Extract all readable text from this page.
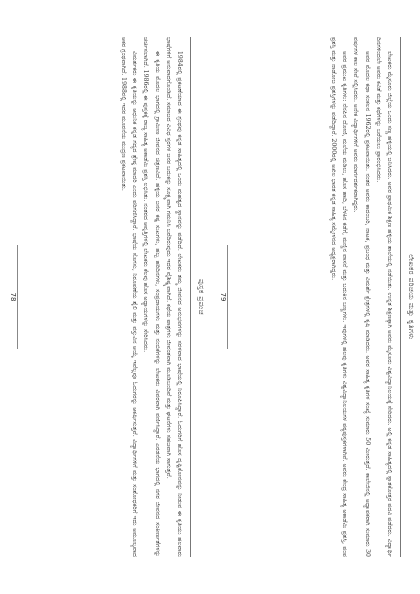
ಪುಸ್ತಕ ಪ್ರಪಂಚ

1984ರಲ್ಲಿ ಪ್ರಕಟಣೆಯಾದ ಈ ಗ್ರಂಥವು ಕನ್ನಡ ಸಾಹಿತ್ಯದಲ್ಲಿ ಒಂದು ಮಹತ್ವದ ಸ್ಥಾನವನ್ನು ಪಡೆದಿದೆ. ಲೇಖಕರು ತಮ್ಮ ಜೀವನದ ಅನುಭವಗಳನ್ನು ಸರಳವಾದ ಭಾಷೆಯಲ್ಲಿ ನಿರೂಪಿಸಿದ್ದಾರೆ. ಓದುಗರಿಗೆ ಹೊಸ ದೃಷ್ಟಿಕೋನವನ್ನು ನೀಡುವ ಈ ಕೃತಿಯು ಹಲವಾರು ಭಾಷೆಗಳಿಗೆ ಅನುವಾದಗೊಂಡಿದೆ. ಸಮಾಜದ ವಿವಿಧ ಸ್ತರಗಳ ಜನರ ಬದುಕನ್ನು ಸೂಕ್ಷ್ಮವಾಗಿ ಗಮನಿಸಿ ಬರೆದಿರುವುದು ಇದರ ವೈಶಿಷ್ಟ್ಯವಾಗಿದೆ. ಕಥೆಯ ಪಾತ್ರಗಳು ಜೀವಂತವಾಗಿ ಮೂಡಿಬಂದಿವೆ ಮತ್ತು ಘಟನೆಗಳು ಸಹಜವಾಗಿ ಸಾಗುತ್ತವೆ.

ಈ ಕೃತಿಯ ಮೊದಲ ಭಾಗದಲ್ಲಿ ಗ್ರಾಮೀಣ ಜೀವನದ ಚಿತ್ರಣವಿದೆ. ಹಳ್ಳಿಯ ಜನರ ಕಷ್ಟ ಸುಖಗಳು, ಹಬ್ಬ ಹರಿದಿನಗಳು, ಸಂಪ್ರದಾಯಗಳು ಮತ್ತು ನಂಬಿಕೆಗಳನ್ನು ಲೇಖಕರು ವಿವರವಾಗಿ ವರ್ಣಿಸಿದ್ದಾರೆ. ಎರಡನೆಯ ಭಾಗದಲ್ಲಿ ನಗರ ಜೀವನದ ಸಂಕೀರ್ಣತೆಗಳನ್ನು ಚರ್ಚಿಸಲಾಗಿದೆ. 1986ರಲ್ಲಿ ಈ ಪುಸ್ತಕಕ್ಕೆ ರಾಜ್ಯ ಸಾಹಿತ್ಯ ಅಕಾಡೆಮಿ ಪ್ರಶಸ್ತಿ ಲಭಿಸಿತು. ನಂತರದ ಆವೃತ್ತಿಗಳಲ್ಲಿ ಲೇಖಕರು ಕೆಲವು ಹೊಸ ಅಧ್ಯಾಯಗಳನ್ನು ಸೇರಿಸಿದರು.

ವಿಮರ್ಶಕರು ಈ ಕೃತಿಯನ್ನು ಆಧುನಿಕ ಕನ್ನಡ ಗದ್ಯದ ಶ್ರೇಷ್ಠ ಮಾದರಿ ಎಂದು ಪರಿಗಣಿಸಿದ್ದಾರೆ. ಭಾಷೆಯ ಸೊಗಸು, ನಿರೂಪಣೆಯ ಶೈಲಿ ಮತ್ತು ವಸ್ತುವಿನ ಆಯ್ಕೆ ಇವೆಲ್ಲವೂ ಓದುಗರನ್ನು ಆಕರ್ಷಿಸುತ್ತವೆ. ವಿದ್ಯಾರ್ಥಿಗಳಿಗೆ ಮತ್ತು ಸಂಶೋಧಕರಿಗೆ ಇದು ಅಮೂಲ್ಯವಾದ ಆಕರ ಗ್ರಂಥವಾಗಿದೆ. 1988ರಲ್ಲಿ ಇದರ ಮೂರನೆಯ ಮುದ್ರಣ ಪ್ರಕಟವಾಯಿತು.

78	ಲೇಖಕರ ಪರಿಚಯ ಮತ್ತು ಕೃತಿಗಳು

ಲೇಖಕರು ಮೈಸೂರು ಜಿಲ್ಲೆಯ ಒಂದು ಸಣ್ಣ ಹಳ್ಳಿಯಲ್ಲಿ ಜನಿಸಿದರು. ಅವರ ಪ್ರಾಥಮಿಕ ಶಿಕ್ಷಣ ಹಳ್ಳಿಯ ಶಾಲೆಯಲ್ಲಿ ನಡೆಯಿತು. ಉನ್ನತ ಶಿಕ್ಷಣಕ್ಕಾಗಿ ಅವರು ಮೈಸೂರು ವಿಶ್ವವಿದ್ಯಾನಿಲಯಕ್ಕೆ ಸೇರಿದರು. ಅಲ್ಲಿ ಕನ್ನಡ ಸಾಹಿತ್ಯದಲ್ಲಿ ಸ್ನಾತಕೋತ್ತರ ಪದವಿ ಪಡೆದರು. ವಿದ್ಯಾರ್ಥಿ ದಿನಗಳಿಂದಲೇ ಅವರು ಕವಿತೆ ಮತ್ತು ಕಥೆಗಳನ್ನು ಬರೆಯಲು ಪ್ರಾರಂಭಿಸಿದರು.

ಅವರ ಮೊದಲ ಕಥಾ ಸಂಕಲನ 1962ರಲ್ಲಿ ಪ್ರಕಟವಾಯಿತು. ನಂತರ ಅವರು ಕಾದಂಬರಿ, ನಾಟಕ, ಪ್ರಬಂಧ ಮತ್ತು ವಿಮರ್ಶೆ ಕ್ಷೇತ್ರಗಳಲ್ಲಿ ಕೃಷಿ ಮಾಡಿದರು. ಅವರ ಸಾಹಿತ್ಯ ಕೃತಿಗಳ ಸಂಖ್ಯೆ ಸುಮಾರು 50 ಮೀರುತ್ತದೆ. ಕಾಲೇಜಿನಲ್ಲಿ ಅಧ್ಯಾಪಕರಾಗಿ ಸುಮಾರು 30 ವರ್ಷಗಳ ಕಾಲ ಸೇವೆ ಸಲ್ಲಿಸಿದರು. ಅನೇಕ ವಿದ್ಯಾರ್ಥಿಗಳಿಗೆ ಅವರು ಮಾರ್ಗದರ್ಶಕರಾಗಿದ್ದರು.

ಅವರ ಪ್ರಮುಖ ಕೃತಿಗಳು: ನೆನಪಿನ ದೋಣಿ, ಮಲೆಯ ಮಡಿಲು, ಹೊಸ ಹಾದಿ, ಬೆಳಕಿನ ಕಡೆಗೆ, ಮಣ್ಣಿನ ವಾಸನೆ ಮತ್ತು ಬದುಕಿನ ಬಣ್ಣಗಳು. ಇವುಗಳಲ್ಲಿ ಹಲವು ಕೃತಿಗಳು ವಿಶ್ವವಿದ್ಯಾನಿಲಯಗಳ ಪಠ್ಯಪುಸ್ತಕಗಳಾಗಿವೆ. ಅವರು ಕೇಂದ್ರ ಸಾಹಿತ್ಯ ಅಕಾಡೆಮಿ ಪ್ರಶಸ್ತಿ, ಪಂಪ ಪ್ರಶಸ್ತಿ ಮತ್ತು ನಾಡೋಜ ಪ್ರಶಸ್ತಿಗಳನ್ನು ಪಡೆದಿದ್ದಾರೆ. 2000ರಲ್ಲಿ ಅಖಿಲ ಭಾರತ ಕನ್ನಡ ಸಾಹಿತ್ಯ ಸಮ್ಮೇಳನದ ಅಧ್ಯಕ್ಷರಾಗಿದ್ದರು.

79
